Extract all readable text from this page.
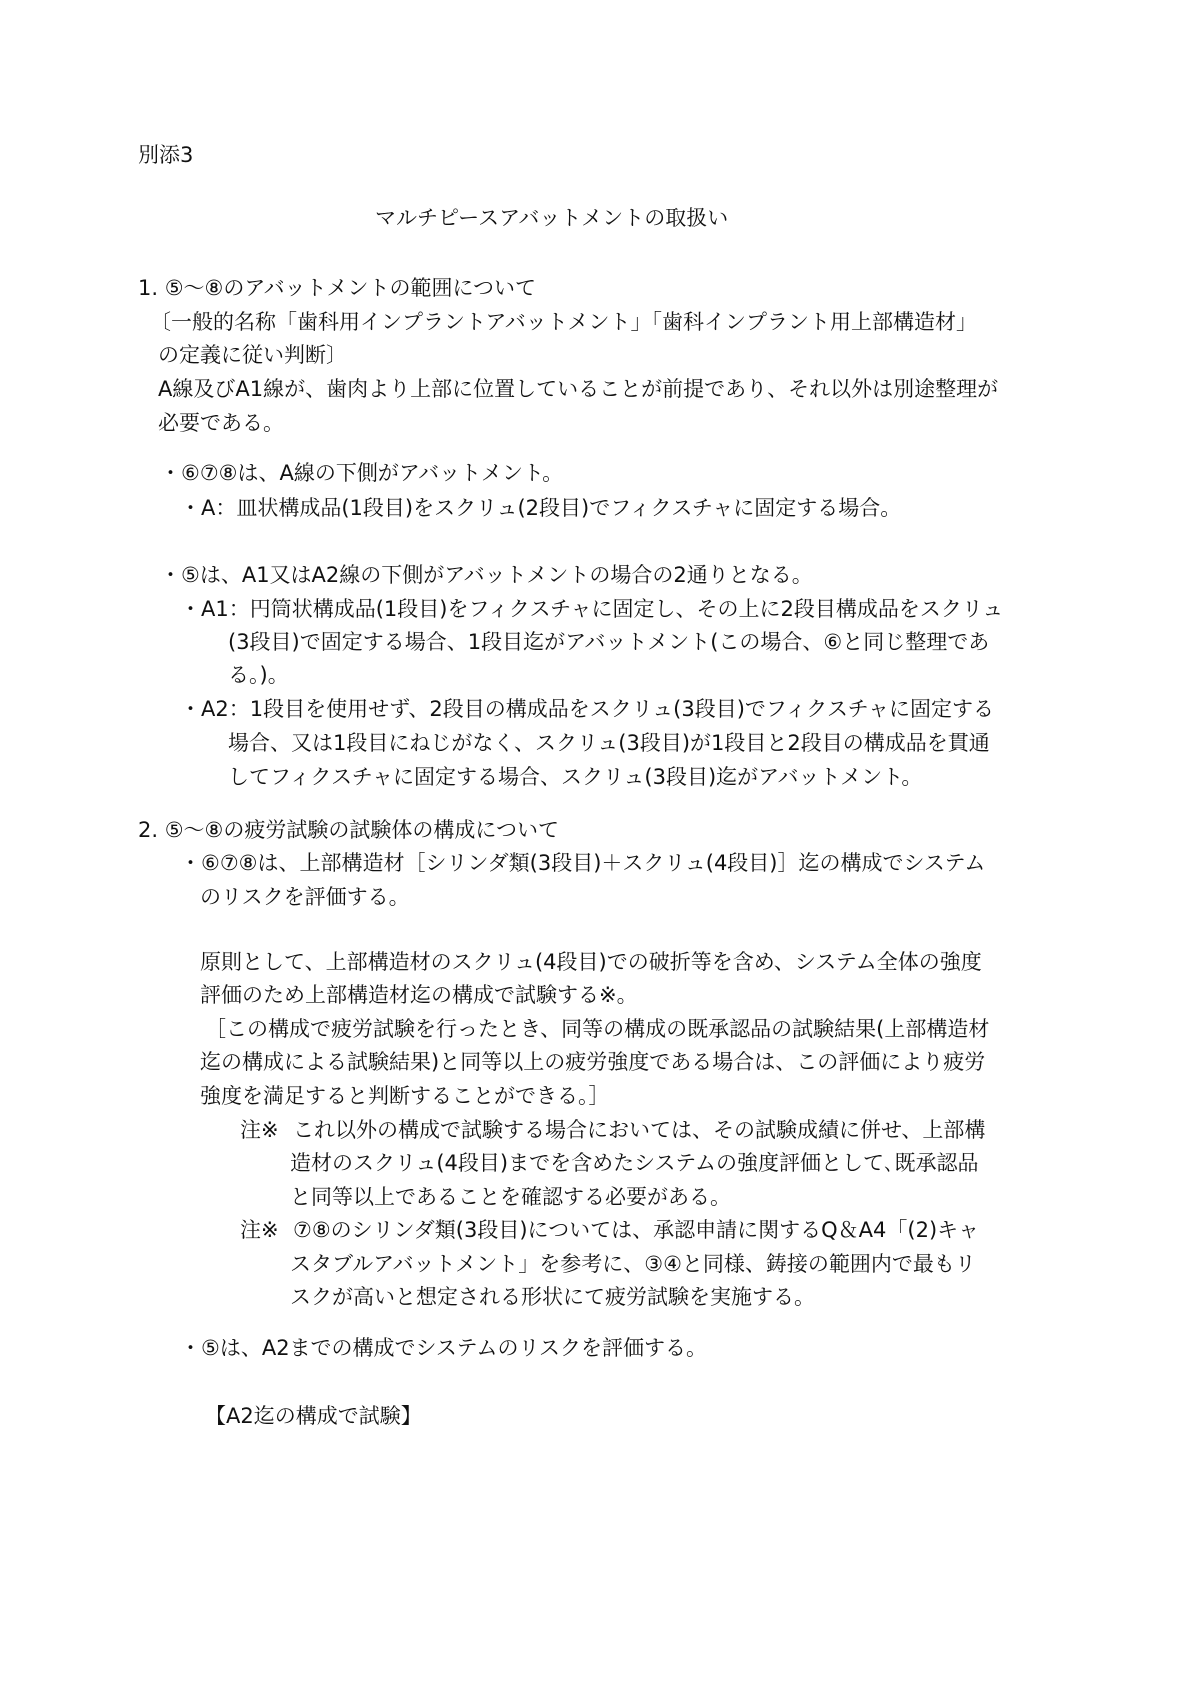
別添3
マルチピースアバットメントの取扱い
1. ⑤～⑧のアバットメントの範囲について
〔一般的名称「歯科用インプラントアバットメント」「歯科インプラント用上部構造材」
の定義に従い判断〕
A線及びA1線が、歯肉より上部に位置していることが前提であり、それ以外は別途整理が
必要である。
・⑥⑦⑧は、A線の下側がアバットメント。
・A：皿状構成品(1段目)をスクリュ(2段目)でフィクスチャに固定する場合。
・⑤は、A1又はA2線の下側がアバットメントの場合の2通りとなる。
・A1：円筒状構成品(1段目)をフィクスチャに固定し、その上に2段目構成品をスクリュ
(3段目)で固定する場合、1段目迄がアバットメント(この場合、⑥と同じ整理であ
る。)。
・A2：1段目を使用せず、2段目の構成品をスクリュ(3段目)でフィクスチャに固定する
場合、又は1段目にねじがなく、スクリュ(3段目)が1段目と2段目の構成品を貫通
してフィクスチャに固定する場合、スクリュ(3段目)迄がアバットメント。
2. ⑤～⑧の疲労試験の試験体の構成について
・⑥⑦⑧は、上部構造材［シリンダ類(3段目)＋スクリュ(4段目)］迄の構成でシステム
のリスクを評価する。
原則として、上部構造材のスクリュ(4段目)での破折等を含め、システム全体の強度
評価のため上部構造材迄の構成で試験する※。
［この構成で疲労試験を行ったとき、同等の構成の既承認品の試験結果(上部構造材
迄の構成による試験結果)と同等以上の疲労強度である場合は、この評価により疲労
強度を満足すると判断することができる。］
注※ これ以外の構成で試験する場合においては、その試験成績に併せ、上部構
造材のスクリュ(4段目)までを含めたシステムの強度評価として､既承認品
と同等以上であることを確認する必要がある。
注※ ⑦⑧のシリンダ類(3段目)については、承認申請に関するQ＆A4「(2)キャ
スタブルアバットメント」を参考に、③④と同様、鋳接の範囲内で最もリ
スクが高いと想定される形状にて疲労試験を実施する。
・⑤は、A2までの構成でシステムのリスクを評価する。
【A2迄の構成で試験】
